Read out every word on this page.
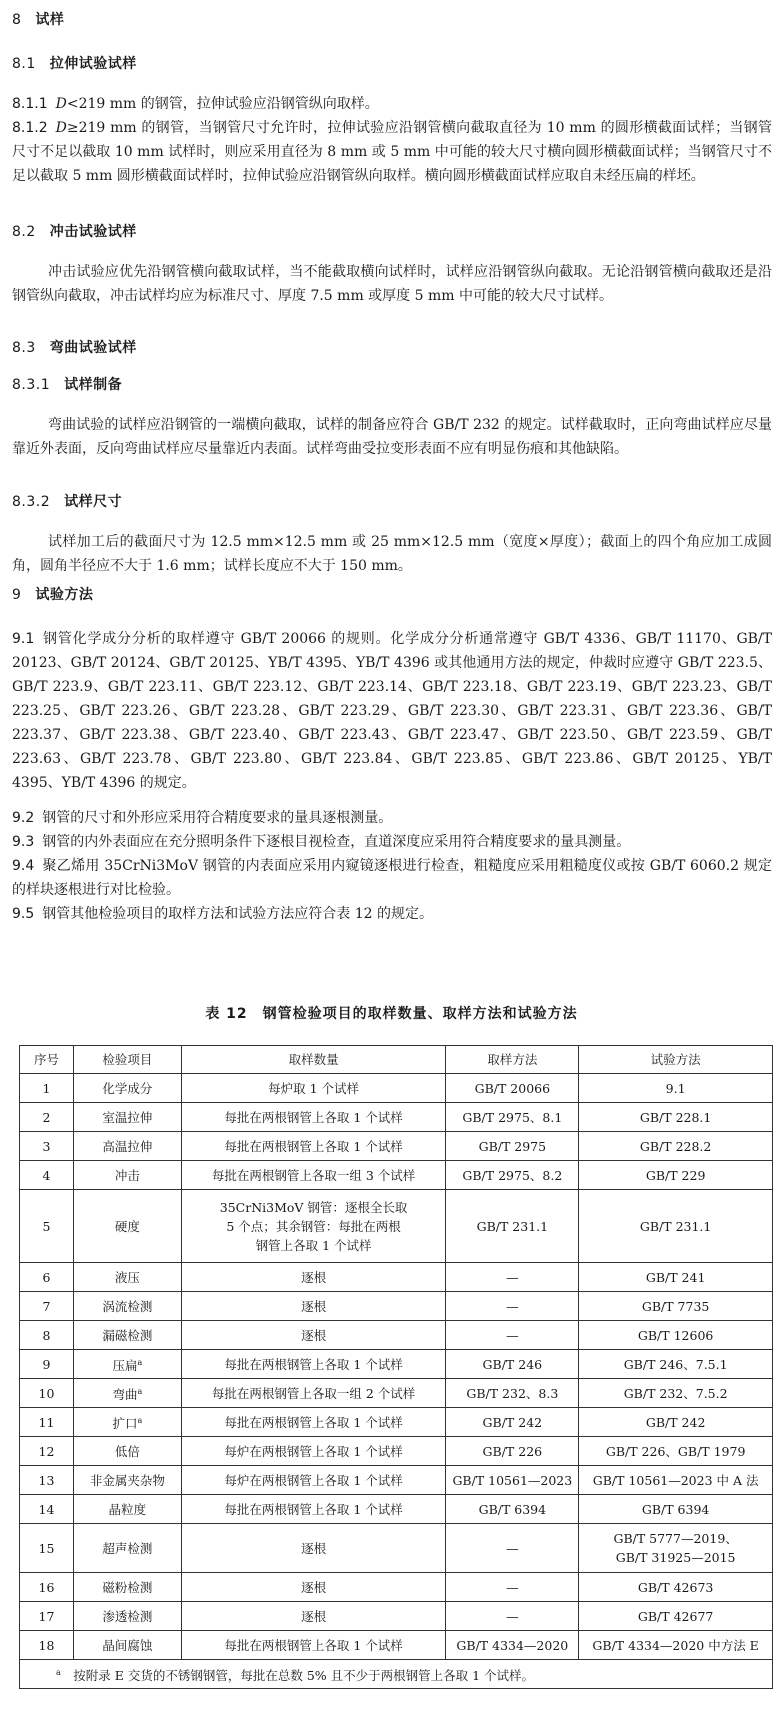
8 试样
8.1 拉伸试验试样
8.1.1 D<219 mm 的钢管，拉伸试验应沿钢管纵向取样。
8.1.2 D≥219 mm 的钢管，当钢管尺寸允许时，拉伸试验应沿钢管横向截取直径为 10 mm 的圆形横截面试样；当钢管尺寸不足以截取 10 mm 试样时，则应采用直径为 8 mm 或 5 mm 中可能的较大尺寸横向圆形横截面试样；当钢管尺寸不足以截取 5 mm 圆形横截面试样时，拉伸试验应沿钢管纵向取样。横向圆形横截面试样应取自未经压扁的样坯。
8.2 冲击试验试样
冲击试验应优先沿钢管横向截取试样，当不能截取横向试样时，试样应沿钢管纵向截取。无论沿钢管横向截取还是沿钢管纵向截取，冲击试样均应为标准尺寸、厚度 7.5 mm 或厚度 5 mm 中可能的较大尺寸试样。
8.3 弯曲试验试样
8.3.1 试样制备
弯曲试验的试样应沿钢管的一端横向截取，试样的制备应符合 GB/T 232 的规定。试样截取时，正向弯曲试样应尽量靠近外表面，反向弯曲试样应尽量靠近内表面。试样弯曲受拉变形表面不应有明显伤痕和其他缺陷。
8.3.2 试样尺寸
试样加工后的截面尺寸为 12.5 mm×12.5 mm 或 25 mm×12.5 mm（宽度×厚度）；截面上的四个角应加工成圆角，圆角半径应不大于 1.6 mm；试样长度应不大于 150 mm。
9 试验方法
9.1 钢管化学成分分析的取样遵守 GB/T 20066 的规则。化学成分分析通常遵守 GB/T 4336、GB/T 11170、GB/T 20123、GB/T 20124、GB/T 20125、YB/T 4395、YB/T 4396 或其他通用方法的规定，仲裁时应遵守 GB/T 223.5、GB/T 223.9、GB/T 223.11、GB/T 223.12、GB/T 223.14、GB/T 223.18、GB/T 223.19、GB/T 223.23、GB/T 223.25、GB/T 223.26、GB/T 223.28、GB/T 223.29、GB/T 223.30、GB/T 223.31、GB/T 223.36、GB/T 223.37、GB/T 223.38、GB/T 223.40、GB/T 223.43、GB/T 223.47、GB/T 223.50、GB/T 223.59、GB/T 223.63、GB/T 223.78、GB/T 223.80、GB/T 223.84、GB/T 223.85、GB/T 223.86、GB/T 20125、YB/T 4395、YB/T 4396 的规定。
9.2 钢管的尺寸和外形应采用符合精度要求的量具逐根测量。
9.3 钢管的内外表面应在充分照明条件下逐根目视检查，直道深度应采用符合精度要求的量具测量。
9.4 聚乙烯用 35CrNi3MoV 钢管的内表面应采用内窥镜逐根进行检查，粗糙度应采用粗糙度仪或按 GB/T 6060.2 规定的样块逐根进行对比检验。
9.5 钢管其他检验项目的取样方法和试验方法应符合表 12 的规定。
表 12　钢管检验项目的取样数量、取样方法和试验方法
序号	检验项目	取样数量	取样方法	试验方法
1	化学成分	每炉取 1 个试样	GB/T 20066	9.1
2	室温拉伸	每批在两根钢管上各取 1 个试样	GB/T 2975、8.1	GB/T 228.1
3	高温拉伸	每批在两根钢管上各取 1 个试样	GB/T 2975	GB/T 228.2
4	冲击	每批在两根钢管上各取一组 3 个试样	GB/T 2975、8.2	GB/T 229
5	硬度	35CrNi3MoV 钢管：逐根全长取
5 个点；其余钢管：每批在两根
钢管上各取 1 个试样	GB/T 231.1	GB/T 231.1
6	液压	逐根	—	GB/T 241
7	涡流检测	逐根	—	GB/T 7735
8	漏磁检测	逐根	—	GB/T 12606
9	压扁$^a$	每批在两根钢管上各取 1 个试样	GB/T 246	GB/T 246、7.5.1
10	弯曲$^a$	每批在两根钢管上各取一组 2 个试样	GB/T 232、8.3	GB/T 232、7.5.2
11	扩口$^a$	每批在两根钢管上各取 1 个试样	GB/T 242	GB/T 242
12	低倍	每炉在两根钢管上各取 1 个试样	GB/T 226	GB/T 226、GB/T 1979
13	非金属夹杂物	每炉在两根钢管上各取 1 个试样	GB/T 10561—2023	GB/T 10561—2023 中 A 法
14	晶粒度	每批在两根钢管上各取 1 个试样	GB/T 6394	GB/T 6394
15	超声检测	逐根	—	GB/T 5777—2019、
GB/T 31925—2015

16	磁粉检测	逐根	—	GB/T 42673
17	渗透检测	逐根	—	GB/T 42677
18	晶间腐蚀	每批在两根钢管上各取 1 个试样	GB/T 4334—2020	GB/T 4334—2020 中方法 E
$^a$　 按附录 E 交货的不锈钢钢管，每批在总数 5% 且不少于两根钢管上各取 1 个试样。				
